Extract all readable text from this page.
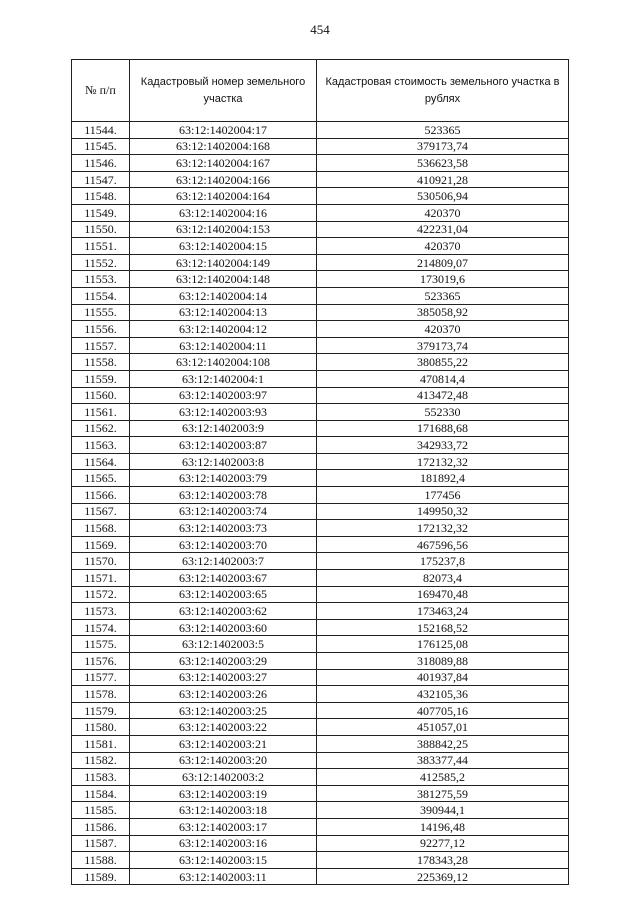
454
№ п/п	Кадастровый номер земельного участка	Кадастровая стоимость земельного участка в рублях
11544.	63:12:1402004:17	523365
11545.	63:12:1402004:168	379173,74
11546.	63:12:1402004:167	536623,58
11547.	63:12:1402004:166	410921,28
11548.	63:12:1402004:164	530506,94
11549.	63:12:1402004:16	420370
11550.	63:12:1402004:153	422231,04
11551.	63:12:1402004:15	420370
11552.	63:12:1402004:149	214809,07
11553.	63:12:1402004:148	173019,6
11554.	63:12:1402004:14	523365
11555.	63:12:1402004:13	385058,92
11556.	63:12:1402004:12	420370
11557.	63:12:1402004:11	379173,74
11558.	63:12:1402004:108	380855,22
11559.	63:12:1402004:1	470814,4
11560.	63:12:1402003:97	413472,48
11561.	63:12:1402003:93	552330
11562.	63:12:1402003:9	171688,68
11563.	63:12:1402003:87	342933,72
11564.	63:12:1402003:8	172132,32
11565.	63:12:1402003:79	181892,4
11566.	63:12:1402003:78	177456
11567.	63:12:1402003:74	149950,32
11568.	63:12:1402003:73	172132,32
11569.	63:12:1402003:70	467596,56
11570.	63:12:1402003:7	175237,8
11571.	63:12:1402003:67	82073,4
11572.	63:12:1402003:65	169470,48
11573.	63:12:1402003:62	173463,24
11574.	63:12:1402003:60	152168,52
11575.	63:12:1402003:5	176125,08
11576.	63:12:1402003:29	318089,88
11577.	63:12:1402003:27	401937,84
11578.	63:12:1402003:26	432105,36
11579.	63:12:1402003:25	407705,16
11580.	63:12:1402003:22	451057,01
11581.	63:12:1402003:21	388842,25
11582.	63:12:1402003:20	383377,44
11583.	63:12:1402003:2	412585,2
11584.	63:12:1402003:19	381275,59
11585.	63:12:1402003:18	390944,1
11586.	63:12:1402003:17	14196,48
11587.	63:12:1402003:16	92277,12
11588.	63:12:1402003:15	178343,28
11589.	63:12:1402003:11	225369,12
